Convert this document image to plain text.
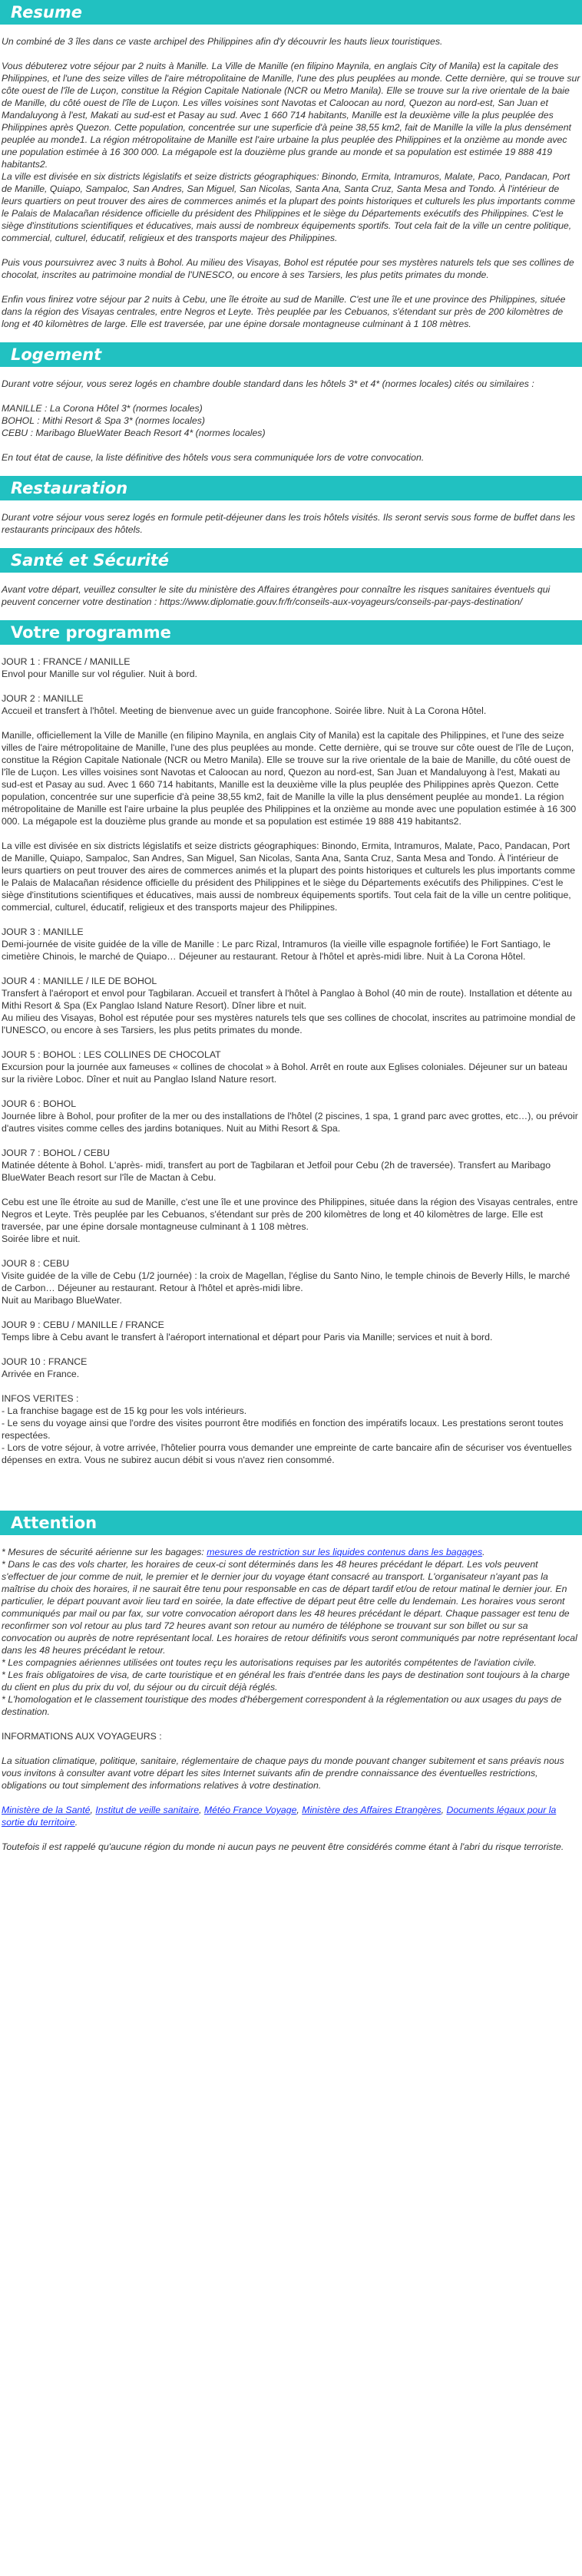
Resume

Un combiné de 3 îles dans ce vaste archipel des Philippines afin d'y découvrir les hauts lieux touristiques.

Vous débuterez votre séjour par 2 nuits à Manille. La Ville de Manille (en filipino Maynila, en anglais City of Manila) est la capitale des Philippines, et l'une des seize villes de l'aire métropolitaine de Manille, l'une des plus peuplées au monde. Cette dernière, qui se trouve sur côte ouest de l'île de Luçon, constitue la Région Capitale Nationale (NCR ou Metro Manila). Elle se trouve sur la rive orientale de la baie de Manille, du côté ouest de l'île de Luçon. Les villes voisines sont Navotas et Caloocan au nord, Quezon au nord-est, San Juan et Mandaluyong à l'est, Makati au sud-est et Pasay au sud. Avec 1 660 714 habitants, Manille est la deuxième ville la plus peuplée des Philippines après Quezon. Cette population, concentrée sur une superficie d'à peine 38,55 km2, fait de Manille la ville la plus densément peuplée au monde1. La région métropolitaine de Manille est l'aire urbaine la plus peuplée des Philippines et la onzième au monde avec une population estimée à 16 300 000. La mégapole est la douzième plus grande au monde et sa population est estimée 19 888 419 habitants2.

La ville est divisée en six districts législatifs et seize districts géographiques: Binondo, Ermita, Intramuros, Malate, Paco, Pandacan, Port de Manille, Quiapo, Sampaloc, San Andres, San Miguel, San Nicolas, Santa Ana, Santa Cruz, Santa Mesa and Tondo. À l'intérieur de leurs quartiers on peut trouver des aires de commerces animés et la plupart des points historiques et culturels les plus importants comme le Palais de Malacañan résidence officielle du président des Philippines et le siège du Départements exécutifs des Philippines. C'est le siège d'institutions scientifiques et éducatives, mais aussi de nombreux équipements sportifs. Tout cela fait de la ville un centre politique, commercial, culturel, éducatif, religieux et des transports majeur des Philippines.

Puis vous poursuivrez avec 3 nuits à Bohol. Au milieu des Visayas, Bohol est réputée pour ses mystères naturels tels que ses collines de chocolat, inscrites au patrimoine mondial de l'UNESCO, ou encore à ses Tarsiers, les plus petits primates du monde.

Enfin vous finirez votre séjour par 2 nuits à Cebu, une île étroite au sud de Manille. C'est une île et une province des Philippines, située dans la région des Visayas centrales, entre Negros et Leyte. Très peuplée par les Cebuanos, s'étendant sur près de 200 kilomètres de long et 40 kilomètres de large. Elle est traversée, par une épine dorsale montagneuse culminant à 1 108 mètres.

Logement

Durant votre séjour, vous serez logés en chambre double standard dans les hôtels 3* et 4* (normes locales) cités ou similaires :

MANILLE : La Corona Hôtel 3* (normes locales)
BOHOL : Mithi Resort & Spa 3* (normes locales)
CEBU : Maribago BlueWater Beach Resort 4* (normes locales)

En tout état de cause, la liste définitive des hôtels vous sera communiquée lors de votre convocation.

Restauration

Durant votre séjour vous serez logés en formule petit-déjeuner dans les trois hôtels visités. Ils seront servis sous forme de buffet dans les restaurants principaux des hôtels.

Santé et Sécurité

Avant votre départ, veuillez consulter le site du ministère des Affaires étrangères pour connaître les risques sanitaires éventuels qui peuvent concerner votre destination : https://www.diplomatie.gouv.fr/fr/conseils-aux-voyageurs/conseils-par-pays-destination/

Votre programme
JOUR 1 : FRANCE / MANILLE
Envol pour Manille sur vol régulier. Nuit à bord.
JOUR 2 : MANILLE
Accueil et transfert à l'hôtel. Meeting de bienvenue avec un guide francophone. Soirée libre. Nuit à La Corona Hôtel.

Manille, officiellement la Ville de Manille (en filipino Maynila, en anglais City of Manila) est la capitale des Philippines, et l'une des seize villes de l'aire métropolitaine de Manille, l'une des plus peuplées au monde. Cette dernière, qui se trouve sur côte ouest de l'île de Luçon, constitue la Région Capitale Nationale (NCR ou Metro Manila). Elle se trouve sur la rive orientale de la baie de Manille, du côté ouest de l'île de Luçon. Les villes voisines sont Navotas et Caloocan au nord, Quezon au nord-est, San Juan et Mandaluyong à l'est, Makati au sud-est et Pasay au sud. Avec 1 660 714 habitants, Manille est la deuxième ville la plus peuplée des Philippines après Quezon. Cette population, concentrée sur une superficie d'à peine 38,55 km2, fait de Manille la ville la plus densément peuplée au monde1. La région métropolitaine de Manille est l'aire urbaine la plus peuplée des Philippines et la onzième au monde avec une population estimée à 16 300 000. La mégapole est la douzième plus grande au monde et sa population est estimée 19 888 419 habitants2.

La ville est divisée en six districts législatifs et seize districts géographiques: Binondo, Ermita, Intramuros, Malate, Paco, Pandacan, Port de Manille, Quiapo, Sampaloc, San Andres, San Miguel, San Nicolas, Santa Ana, Santa Cruz, Santa Mesa and Tondo. À l'intérieur de leurs quartiers on peut trouver des aires de commerces animés et la plupart des points historiques et culturels les plus importants comme le Palais de Malacañan résidence officielle du président des Philippines et le siège du Départements exécutifs des Philippines. C'est le siège d'institutions scientifiques et éducatives, mais aussi de nombreux équipements sportifs. Tout cela fait de la ville un centre politique, commercial, culturel, éducatif, religieux et des transports majeur des Philippines.

JOUR 3 : MANILLE
Demi-journée de visite guidée de la ville de Manille : Le parc Rizal, Intramuros (la vieille ville espagnole fortifiée) le Fort Santiago, le cimetière Chinois, le marché de Quiapo… Déjeuner au restaurant. Retour à l'hôtel et après-midi libre. Nuit à La Corona Hôtel.
JOUR 4 : MANILLE / ILE DE BOHOL
Transfert à l'aéroport et envol pour Tagbilaran. Accueil et transfert à l'hôtel à Panglao à Bohol (40 min de route). Installation et détente au Mithi Resort & Spa (Ex Panglao Island Nature Resort). Dîner libre et nuit.
Au milieu des Visayas, Bohol est réputée pour ses mystères naturels tels que ses collines de chocolat, inscrites au patrimoine mondial de l'UNESCO, ou encore à ses Tarsiers, les plus petits primates du monde.
JOUR 5 : BOHOL : LES COLLINES DE CHOCOLAT
Excursion pour la journée aux fameuses « collines de chocolat » à Bohol. Arrêt en route aux Eglises coloniales. Déjeuner sur un bateau sur la rivière Loboc. Dîner et nuit au Panglao Island Nature resort.
JOUR 6 : BOHOL
Journée libre à Bohol, pour profiter de la mer ou des installations de l'hôtel (2 piscines, 1 spa, 1 grand parc avec grottes, etc…), ou prévoir d'autres visites comme celles des jardins botaniques. Nuit au Mithi Resort & Spa.
JOUR 7 : BOHOL / CEBU
Matinée détente à Bohol. L'après- midi, transfert au port de Tagbilaran et Jetfoil pour Cebu (2h de traversée). Transfert au Maribago BlueWater Beach resort sur l'île de Mactan à Cebu.

Cebu est une île étroite au sud de Manille, c'est une île et une province des Philippines, située dans la région des Visayas centrales, entre Negros et Leyte. Très peuplée par les Cebuanos, s'étendant sur près de 200 kilomètres de long et 40 kilomètres de large. Elle est traversée, par une épine dorsale montagneuse culminant à 1 108 mètres.
Soirée libre et nuit.

JOUR 8 : CEBU
Visite guidée de la ville de Cebu (1/2 journée) : la croix de Magellan, l'église du Santo Nino, le temple chinois de Beverly Hills, le marché de Carbon… Déjeuner au restaurant. Retour à l'hôtel et après-midi libre.
Nuit au Maribago BlueWater.
JOUR 9 : CEBU / MANILLE / FRANCE
Temps libre à Cebu avant le transfert à l'aéroport international et départ pour Paris via Manille; services et nuit à bord.
JOUR 10 : FRANCE
Arrivée en France.
INFOS VERITES :
- La franchise bagage est de 15 kg pour les vols intérieurs.
- Le sens du voyage ainsi que l'ordre des visites pourront être modifiés en fonction des impératifs locaux. Les prestations seront toutes respectées.
- Lors de votre séjour, à votre arrivée, l'hôtelier pourra vous demander une empreinte de carte bancaire afin de sécuriser vos éventuelles dépenses en extra. Vous ne subirez aucun débit si vous n'avez rien consommé.
Attention

* Mesures de sécurité aérienne sur les bagages: mesures de restriction sur les liquides contenus dans les bagages.

* Dans le cas des vols charter, les horaires de ceux-ci sont déterminés dans les 48 heures précédant le départ. Les vols peuvent s'effectuer de jour comme de nuit, le premier et le dernier jour du voyage étant consacré au transport. L'organisateur n'ayant pas la maîtrise du choix des horaires, il ne saurait être tenu pour responsable en cas de départ tardif et/ou de retour matinal le dernier jour. En particulier, le départ pouvant avoir lieu tard en soirée, la date effective de départ peut être celle du lendemain. Les horaires vous seront communiqués par mail ou par fax, sur votre convocation aéroport dans les 48 heures précédant le départ. Chaque passager est tenu de reconfirmer son vol retour au plus tard 72 heures avant son retour au numéro de téléphone se trouvant sur son billet ou sur sa convocation ou auprès de notre représentant local. Les horaires de retour définitifs vous seront communiqués par notre représentant local dans les 48 heures précédant le retour.

* Les compagnies aériennes utilisées ont toutes reçu les autorisations requises par les autorités compétentes de l'aviation civile.

* Les frais obligatoires de visa, de carte touristique et en général les frais d'entrée dans les pays de destination sont toujours à la charge du client en plus du prix du vol, du séjour ou du circuit déjà réglés.

* L'homologation et le classement touristique des modes d'hébergement correspondent à la réglementation ou aux usages du pays de destination.

INFORMATIONS AUX VOYAGEURS :

La situation climatique, politique, sanitaire, réglementaire de chaque pays du monde pouvant changer subitement et sans préavis nous vous invitons à consulter avant votre départ les sites Internet suivants afin de prendre connaissance des éventuelles restrictions, obligations ou tout simplement des informations relatives à votre destination.

Ministère de la Santé, Institut de veille sanitaire, Météo France Voyage, Ministère des Affaires Etrangères, Documents légaux pour la sortie du territoire.

Toutefois il est rappelé qu'aucune région du monde ni aucun pays ne peuvent être considérés comme étant à l'abri du risque terroriste.
